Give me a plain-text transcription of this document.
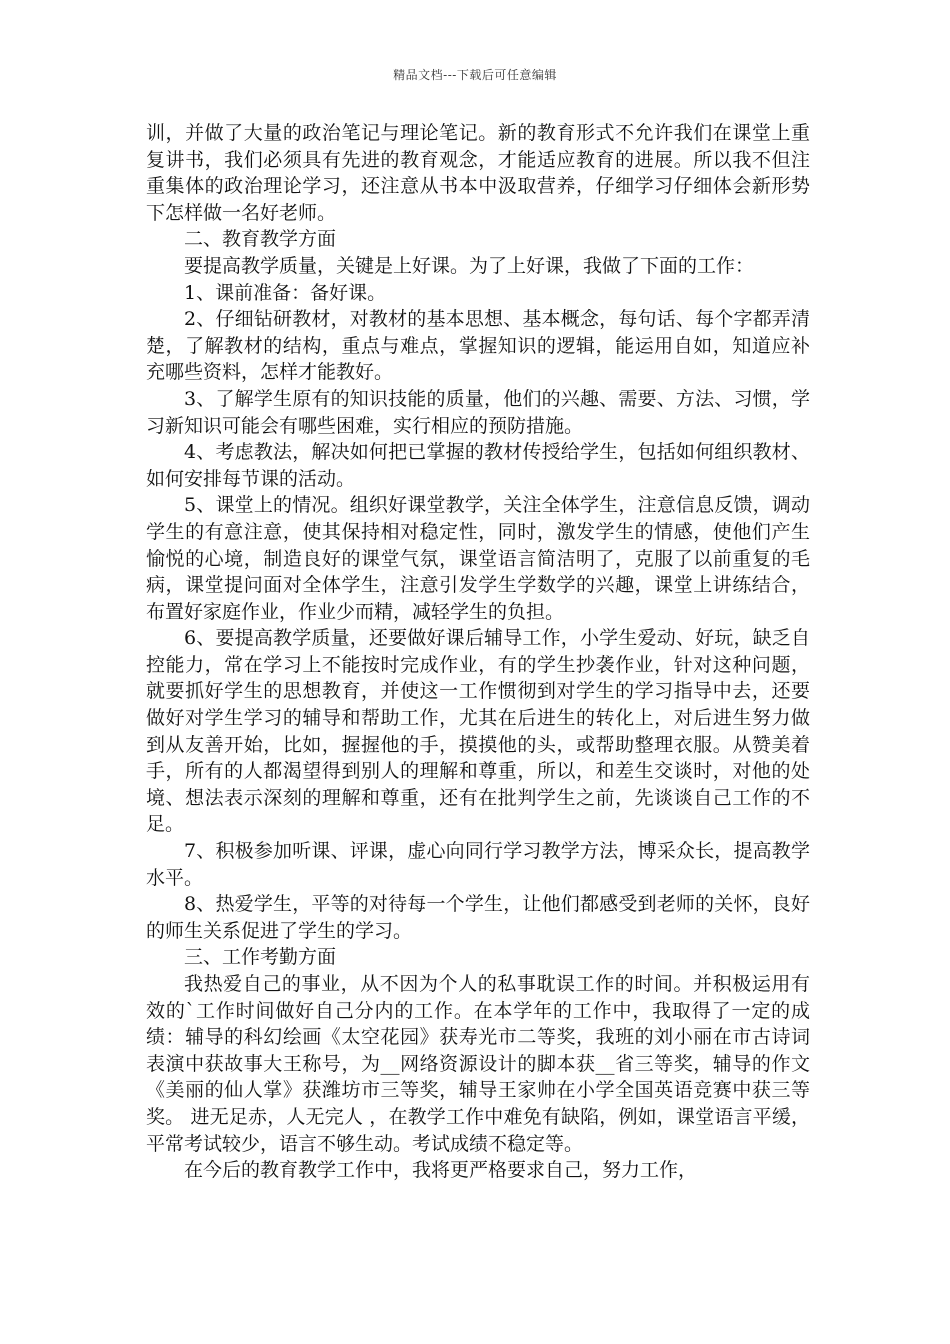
精品文档---下载后可任意编辑

训，并做了大量的政治笔记与理论笔记。新的教育形式不允许我们在课堂上重复讲书，我们必须具有先进的教育观念，才能适应教育的进展。所以我不但注重集体的政治理论学习，还注意从书本中汲取营养，仔细学习仔细体会新形势下怎样做一名好老师。

二、教育教学方面

要提高教学质量，关键是上好课。为了上好课，我做了下面的工作：

1、课前准备：备好课。

2、仔细钻研教材，对教材的基本思想、基本概念，每句话、每个字都弄清楚，了解教材的结构，重点与难点，掌握知识的逻辑，能运用自如，知道应补充哪些资料，怎样才能教好。

3、了解学生原有的知识技能的质量，他们的兴趣、需要、方法、习惯，学习新知识可能会有哪些困难，实行相应的预防措施。

4、考虑教法，解决如何把已掌握的教材传授给学生，包括如何组织教材、如何安排每节课的活动。

5、课堂上的情况。组织好课堂教学，关注全体学生，注意信息反馈，调动学生的有意注意，使其保持相对稳定性，同时，激发学生的情感，使他们产生愉悦的心境，制造良好的课堂气氛，课堂语言简洁明了，克服了以前重复的毛病，课堂提问面对全体学生，注意引发学生学数学的兴趣，课堂上讲练结合，布置好家庭作业，作业少而精，减轻学生的负担。

6、要提高教学质量，还要做好课后辅导工作，小学生爱动、好玩，缺乏自控能力，常在学习上不能按时完成作业，有的学生抄袭作业，针对这种问题，就要抓好学生的思想教育，并使这一工作惯彻到对学生的学习指导中去，还要做好对学生学习的辅导和帮助工作，尤其在后进生的转化上，对后进生努力做到从友善开始，比如，握握他的手，摸摸他的头，或帮助整理衣服。从赞美着手，所有的人都渴望得到别人的理解和尊重，所以，和差生交谈时，对他的处境、想法表示深刻的理解和尊重，还有在批判学生之前，先谈谈自己工作的不足。

7、积极参加听课、评课，虚心向同行学习教学方法，博采众长，提高教学水平。

8、热爱学生，平等的对待每一个学生，让他们都感受到老师的关怀，良好的师生关系促进了学生的学习。

三、工作考勤方面

我热爱自己的事业，从不因为个人的私事耽误工作的时间。并积极运用有效的`工作时间做好自己分内的工作。在本学年的工作中，我取得了一定的成绩：辅导的科幻绘画《太空花园》获寿光市二等奖，我班的刘小丽在市古诗词表演中获故事大王称号，为__网络资源设计的脚本获__省三等奖，辅导的作文《美丽的仙人掌》获潍坊市三等奖，辅导王家帅在小学全国英语竞赛中获三等奖。 进无足赤，人无完人 ，在教学工作中难免有缺陷，例如，课堂语言平缓，平常考试较少，语言不够生动。考试成绩不稳定等。

在今后的教育教学工作中，我将更严格要求自己，努力工作，
